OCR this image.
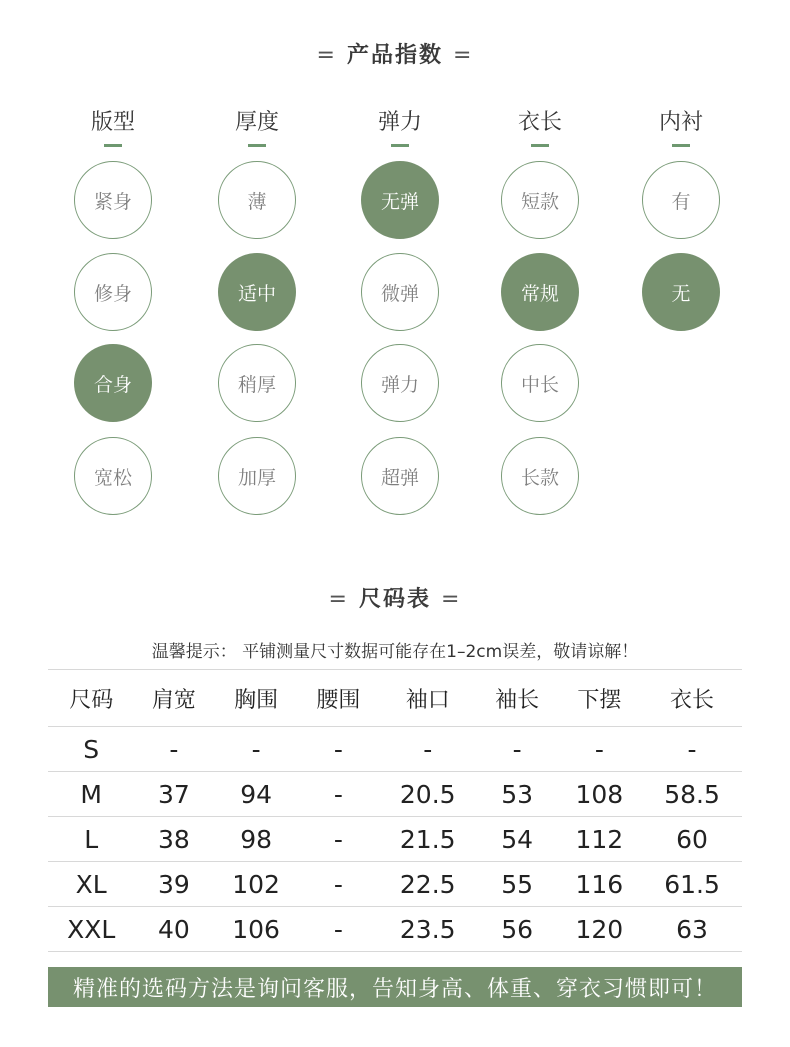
= 产品指数 =
版型
紧身
修身
合身
宽松
厚度
薄
适中
稍厚
加厚
弹力
无弹
微弹
弹力
超弹
衣长
短款
常规
中长
长款
内衬
有
无
= 尺码表 =
温馨提示： 平铺测量尺寸数据可能存在1–2cm误差，敬请谅解！
尺码	肩宽	胸围	腰围	袖口	袖长	下摆	衣长
S	-	-	-	-	-	-	-
M	37	94	-	20.5	53	108	58.5
L	38	98	-	21.5	54	112	60
XL	39	102	-	22.5	55	116	61.5
XXL	40	106	-	23.5	56	120	63
精准的选码方法是询问客服，告知身高、体重、穿衣习惯即可！
